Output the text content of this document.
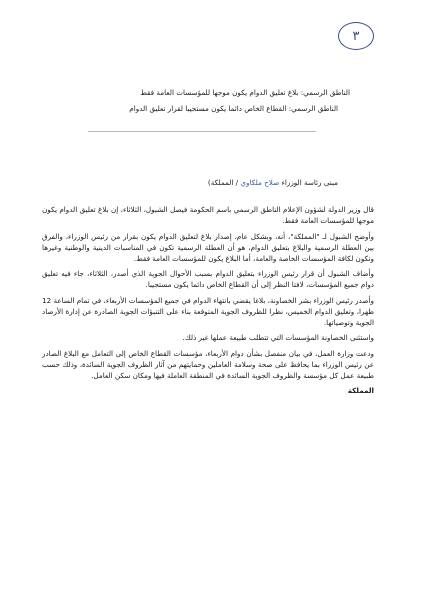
٣
الناطق الرسمي: بلاغ تعليق الدوام يكون موجها للمؤسسات العامة فقط
الناطق الرسمي: القطاع الخاص دائما يكون مستجيبا لقرار تعليق الدوام
مبنى رئاسة الوزراء صلاح ملكاوي / المملكة)

قال وزير الدولة لشؤون الإعلام الناطق الرسمي باسم الحكومة فيصل الشبول، الثلاثاء، إن بلاغ تعليق الدوام يكون موجها للمؤسسات العامة فقط.

وأوضح الشبول لـ "المملكة"، أنه، وبشكل عام، إصدار بلاغ لتعليق الدوام يكون بقرار من رئيس الوزراء، والفرق بين العطلة الرسمية والبلاغ بتعليق الدوام، هو أن العطلة الرسمية تكون في المناسبات الدينية والوطنية وغيرها وتكون لكافة المؤسسات الخاصة والعامة، أما البلاغ يكون للمؤسسات العامة فقط.

وأضاف الشبول أن قرار رئيس الوزراء بتعليق الدوام بسبب الأحوال الجوية الذي أصدر، الثلاثاء، جاء فيه تعليق دوام جميع المؤسسات، لافتا النظر إلى أن القطاع الخاص دائما يكون مستجيبا.

وأصدر رئيس الوزراء بشر الخصاونة، بلاغا يقضي بانتهاء الدوام في جميع المؤسسات الأربعاء، في تمام الساعة 12 ظهرا، وتعليق الدوام الخميس، نظرا للظروف الجوية المتوقعة بناء على التنبؤات الجوية الصادرة عن إدارة الأرصاد الجوية وتوصياتها.

واستثنى الخصاونة المؤسسات التي تتطلب طبيعة عملها غير ذلك.

ودعت وزارة العمل، في بيان منفصل بشأن دوام الأربعاء، مؤسسات القطاع الخاص إلى التعامل مع البلاغ الصادر عن رئيس الوزراء بما يحافظ على صحة وسلامة العاملين وحمايتهم من آثار الظروف الجوية السائدة، وذلك حسب طبيعة عمل كل مؤسسة والظروف الجوية السائدة في المنطقة العاملة فيها ومكان سكن العامل.

المملكة
